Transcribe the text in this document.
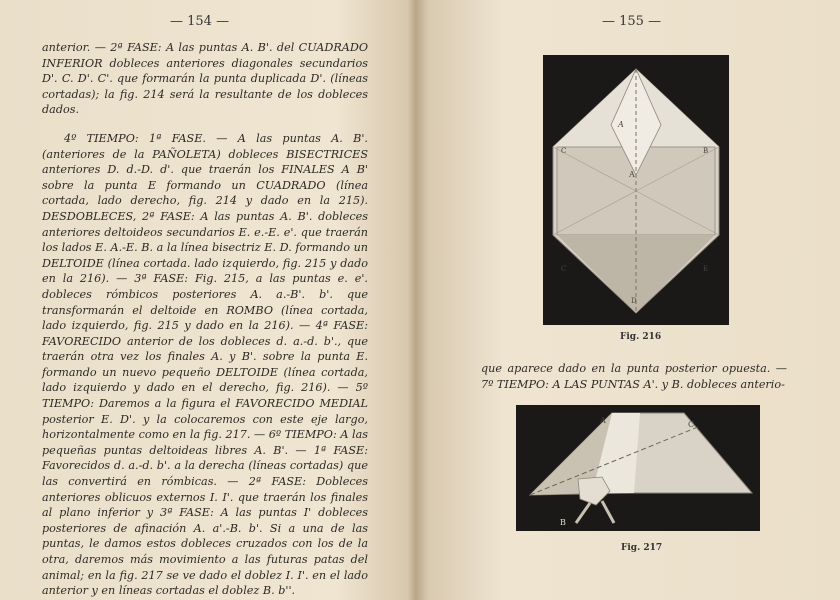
— 154 —

anterior. — 2ª FASE: A las puntas A. B'. del CUADRADO INFERIOR dobleces anteriores diagonales secundarios D'. C. D'. C'. que formarán la punta duplicada D'. (líneas cortadas); la fig. 214 será la resultante de los dobleces dados.

4º TIEMPO: 1ª FASE. — A las puntas A. B'. (anteriores de la PAÑOLETA) dobleces BISECTRICES anteriores D. d.-D. d'. que traerán los FINALES A B' sobre la punta E formando un CUADRADO (línea cortada, lado derecho, fig. 214 y dado en la 215). DESDOBLECES, 2ª FASE: A las puntas A. B'. dobleces anteriores deltoideos secundarios E. e.-E. e'. que traerán los lados E. A.-E. B. a la línea bisectriz E. D. formando un DELTOIDE (línea cortada. lado izquierdo, fig. 215 y dado en la 216). — 3ª FASE: Fig. 215, a las puntas e. e'. dobleces rómbicos posteriores A. a.-B'. b'. que transformarán el deltoide en ROMBO (línea cortada, lado izquierdo, fig. 215 y dado en la 216). — 4ª FASE: FAVORECIDO anterior de los dobleces d. a.-d. b'., que traerán otra vez los finales A. y B'. sobre la punta E. formando un nuevo pequeño DELTOIDE (línea cortada, lado izquierdo y dado en el derecho, fig. 216). — 5º TIEMPO: Daremos a la figura el FAVORECIDO MEDIAL posterior E. D'. y la colocaremos con este eje largo, horizontalmente como en la fig. 217. — 6º TIEMPO: A las pequeñas puntas deltoideas libres A. B'. — 1ª FASE: Favorecidos d. a.-d. b'. a la derecha (líneas cortadas) que las convertirá en rómbicas. — 2ª FASE: Dobleces anteriores oblicuos externos I. I'. que traerán los finales al plano inferior y 3ª FASE: A las puntas I' dobleces posteriores de afinación A. a'.-B. b'. Si a una de las puntas, le damos estos dobleces cruzados con los de la otra, daremos más movimiento a las futuras patas del animal; en la fig. 217 se ve dado el doblez I. I'. en el lado anterior y en líneas cortadas el doblez B. b''.

— 155 —
A
A
C	B
C	E
D
Fig. 216
que aparece dado en la punta posterior opuesta. — 7º TIEMPO: A LAS PUNTAS A'. y B. dobleces anterio-
A	C
B
Fig. 217
